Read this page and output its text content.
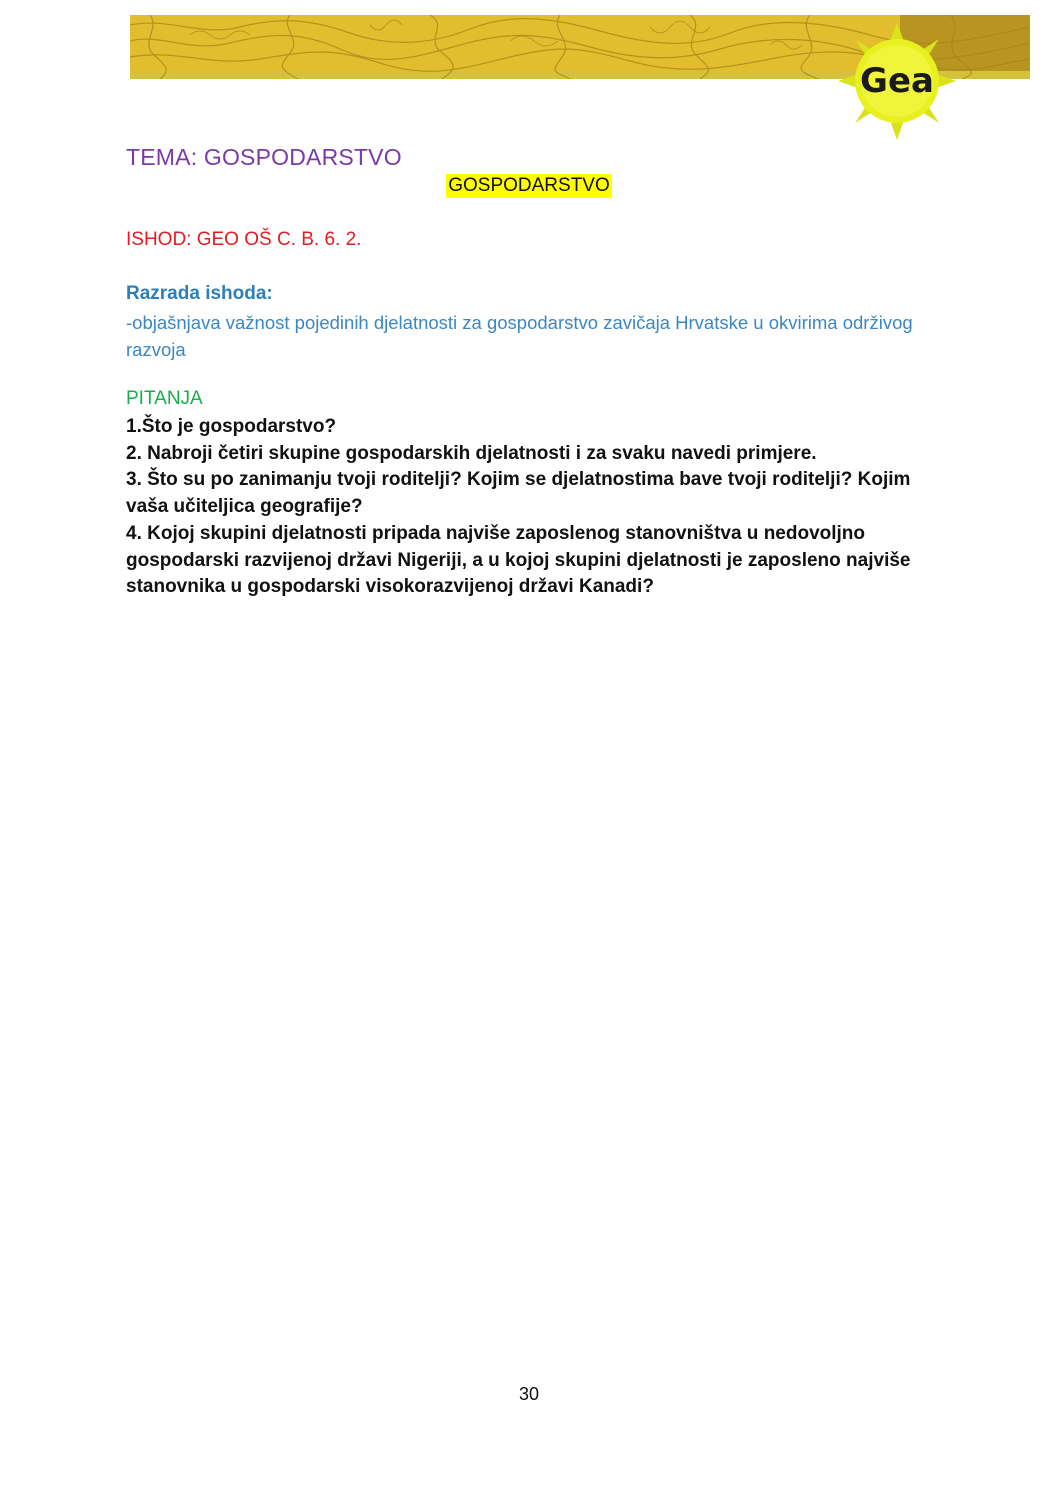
Gea
TEMA: GOSPODARSTVO
GOSPODARSTVO
ISHOD: GEO OŠ C. B. 6. 2.
Razrada ishoda:
-objašnjava važnost pojedinih djelatnosti za gospodarstvo zavičaja Hrvatske u okvirima održivog razvoja
PITANJA
1.Što je gospodarstvo?
2. Nabroji četiri skupine gospodarskih djelatnosti i za svaku navedi primjere.
3. Što su po zanimanju tvoji roditelji? Kojim se djelatnostima bave tvoji roditelji? Kojim vaša učiteljica geografije?
4. Kojoj skupini djelatnosti pripada najviše zaposlenog stanovništva u nedovoljno gospodarski razvijenoj državi Nigeriji, a u kojoj skupini djelatnosti je zaposleno najviše stanovnika u gospodarski visokorazvijenoj državi Kanadi?
30
